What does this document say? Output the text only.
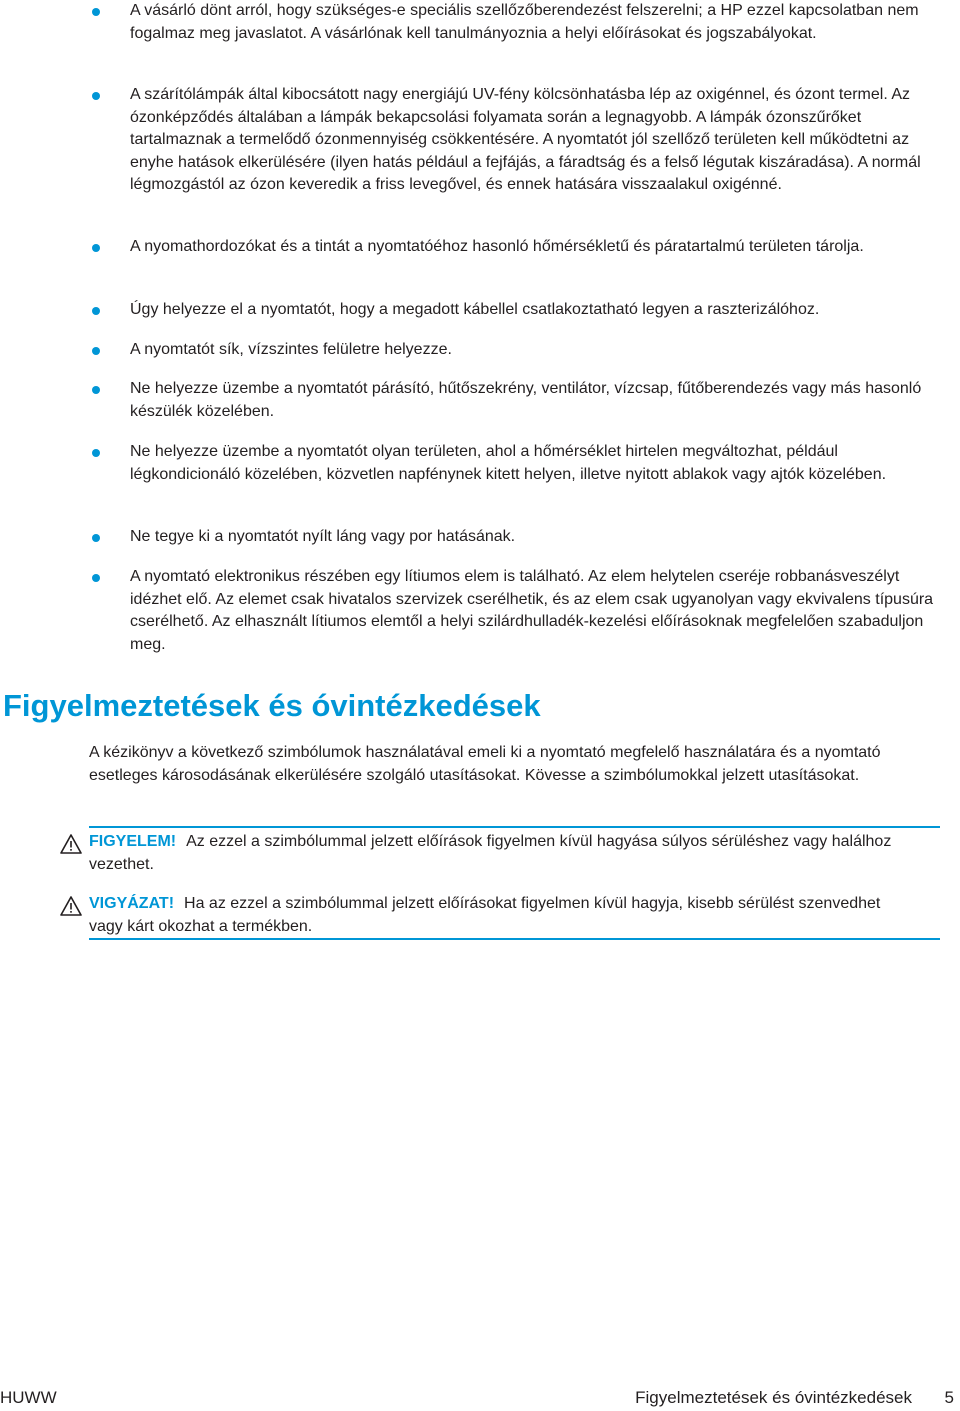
A vásárló dönt arról, hogy szükséges-e speciális szellőzőberendezést felszerelni; a HP ezzel kapcsolatban nem fogalmaz meg javaslatot. A vásárlónak kell tanulmányoznia a helyi előírásokat és jogszabályokat.

A szárítólámpák által kibocsátott nagy energiájú UV-fény kölcsönhatásba lép az oxigénnel, és ózont termel. Az ózonképződés általában a lámpák bekapcsolási folyamata során a legnagyobb. A lámpák ózonszűrőket tartalmaznak a termelődő ózonmennyiség csökkentésére. A nyomtatót jól szellőző területen kell működtetni az enyhe hatások elkerülésére (ilyen hatás például a fejfájás, a fáradtság és a felső légutak kiszáradása). A normál légmozgástól az ózon keveredik a friss levegővel, és ennek hatására visszaalakul oxigénné.

A nyomathordozókat és a tintát a nyomtatóéhoz hasonló hőmérsékletű és páratartalmú területen tárolja.

Úgy helyezze el a nyomtatót, hogy a megadott kábellel csatlakoztatható legyen a raszterizálóhoz.

A nyomtatót sík, vízszintes felületre helyezze.

Ne helyezze üzembe a nyomtatót párásító, hűtőszekrény, ventilátor, vízcsap, fűtőberendezés vagy más hasonló készülék közelében.

Ne helyezze üzembe a nyomtatót olyan területen, ahol a hőmérséklet hirtelen megváltozhat, például légkondicionáló közelében, közvetlen napfénynek kitett helyen, illetve nyitott ablakok vagy ajtók közelében.

Ne tegye ki a nyomtatót nyílt láng vagy por hatásának.

A nyomtató elektronikus részében egy lítiumos elem is található. Az elem helytelen cseréje robbanásveszélyt idézhet elő. Az elemet csak hivatalos szervizek cserélhetik, és az elem csak ugyanolyan vagy ekvivalens típusúra cserélhető. Az elhasznált lítiumos elemtől a helyi szilárdhulladék-kezelési előírásoknak megfelelően szabaduljon meg.

Figyelmeztetések és óvintézkedések

A kézikönyv a következő szimbólumok használatával emeli ki a nyomtató megfelelő használatára és a nyomtató esetleges károsodásának elkerülésére szolgáló utasításokat. Kövesse a szimbólumokkal jelzett utasításokat.

FIGYELEM! Az ezzel a szimbólummal jelzett előírások figyelmen kívül hagyása súlyos sérüléshez vagy halálhoz vezethet.

VIGYÁZAT! Ha az ezzel a szimbólummal jelzett előírásokat figyelmen kívül hagyja, kisebb sérülést szenvedhet vagy kárt okozhat a termékben.

HUWW	Figyelmeztetések és óvintézkedések 5
